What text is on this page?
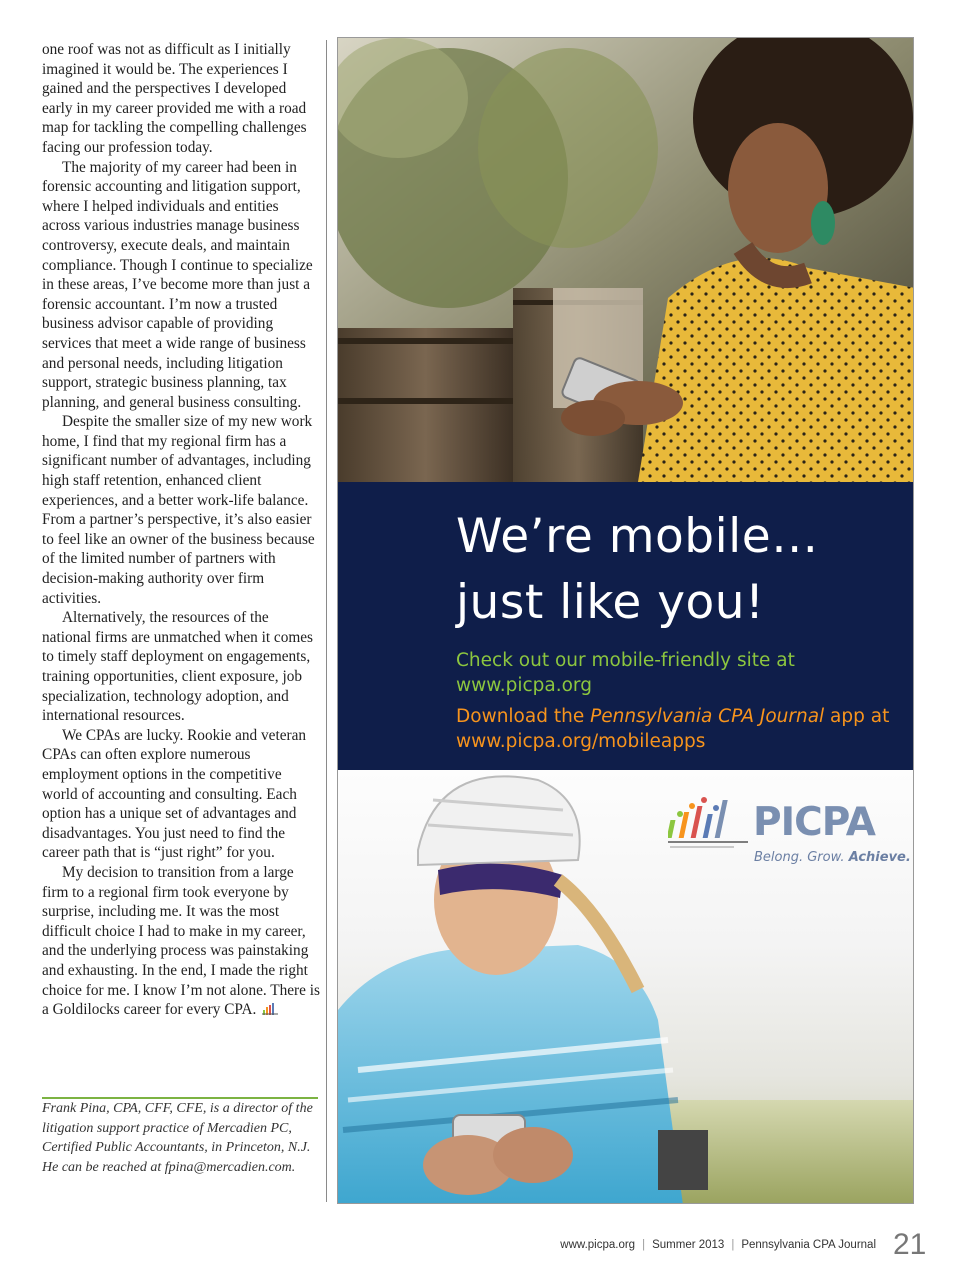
one roof was not as difficult as I initially imagined it would be. The experiences I gained and the perspectives I developed early in my career provided me with a road map for tackling the compelling challenges facing our profession today.

The majority of my career had been in forensic accounting and litigation support, where I helped individuals and entities across various industries manage business controversy, execute deals, and maintain compliance. Though I continue to specialize in these areas, I’ve become more than just a forensic accountant. I’m now a trusted business advisor capable of providing services that meet a wide range of business and personal needs, including litigation support, strategic business planning, tax planning, and general business consulting.

Despite the smaller size of my new work home, I find that my regional firm has a significant number of advantages, including high staff retention, enhanced client experiences, and a better work-life balance. From a partner’s perspective, it’s also easier to feel like an owner of the business because of the limited number of partners with decision-making authority over firm activities.

Alternatively, the resources of the national firms are unmatched when it comes to timely staff deployment on engagements, training opportunities, client exposure, job specialization, technology adoption, and international resources.

We CPAs are lucky. Rookie and veteran CPAs can often explore numerous employment options in the competitive world of accounting and consulting. Each option has a unique set of advantages and disadvantages. You just need to find the career path that is “just right” for you.

My decision to transition from a large firm to a regional firm took everyone by surprise, including me. It was the most difficult choice I had to make in my career, and the underlying process was painstaking and exhausting. In the end, I made the right choice for me. I know I’m not alone. There is a Goldilocks career for every CPA.

Frank Pina, CPA, CFF, CFE, is a director of the litigation support practice of Mercadien PC, Certified Public Accountants, in Princeton, N.J. He can be reached at fpina@mercadien.com.
We’re mobile…
just like you!
Check out our mobile-friendly site at www.picpa.org
Download the Pennsylvania CPA Journal app at www.picpa.org/mobileapps
PICPA
Belong. Grow. Achieve.
www.picpa.org | Summer 2013 | Pennsylvania CPA Journal 21
